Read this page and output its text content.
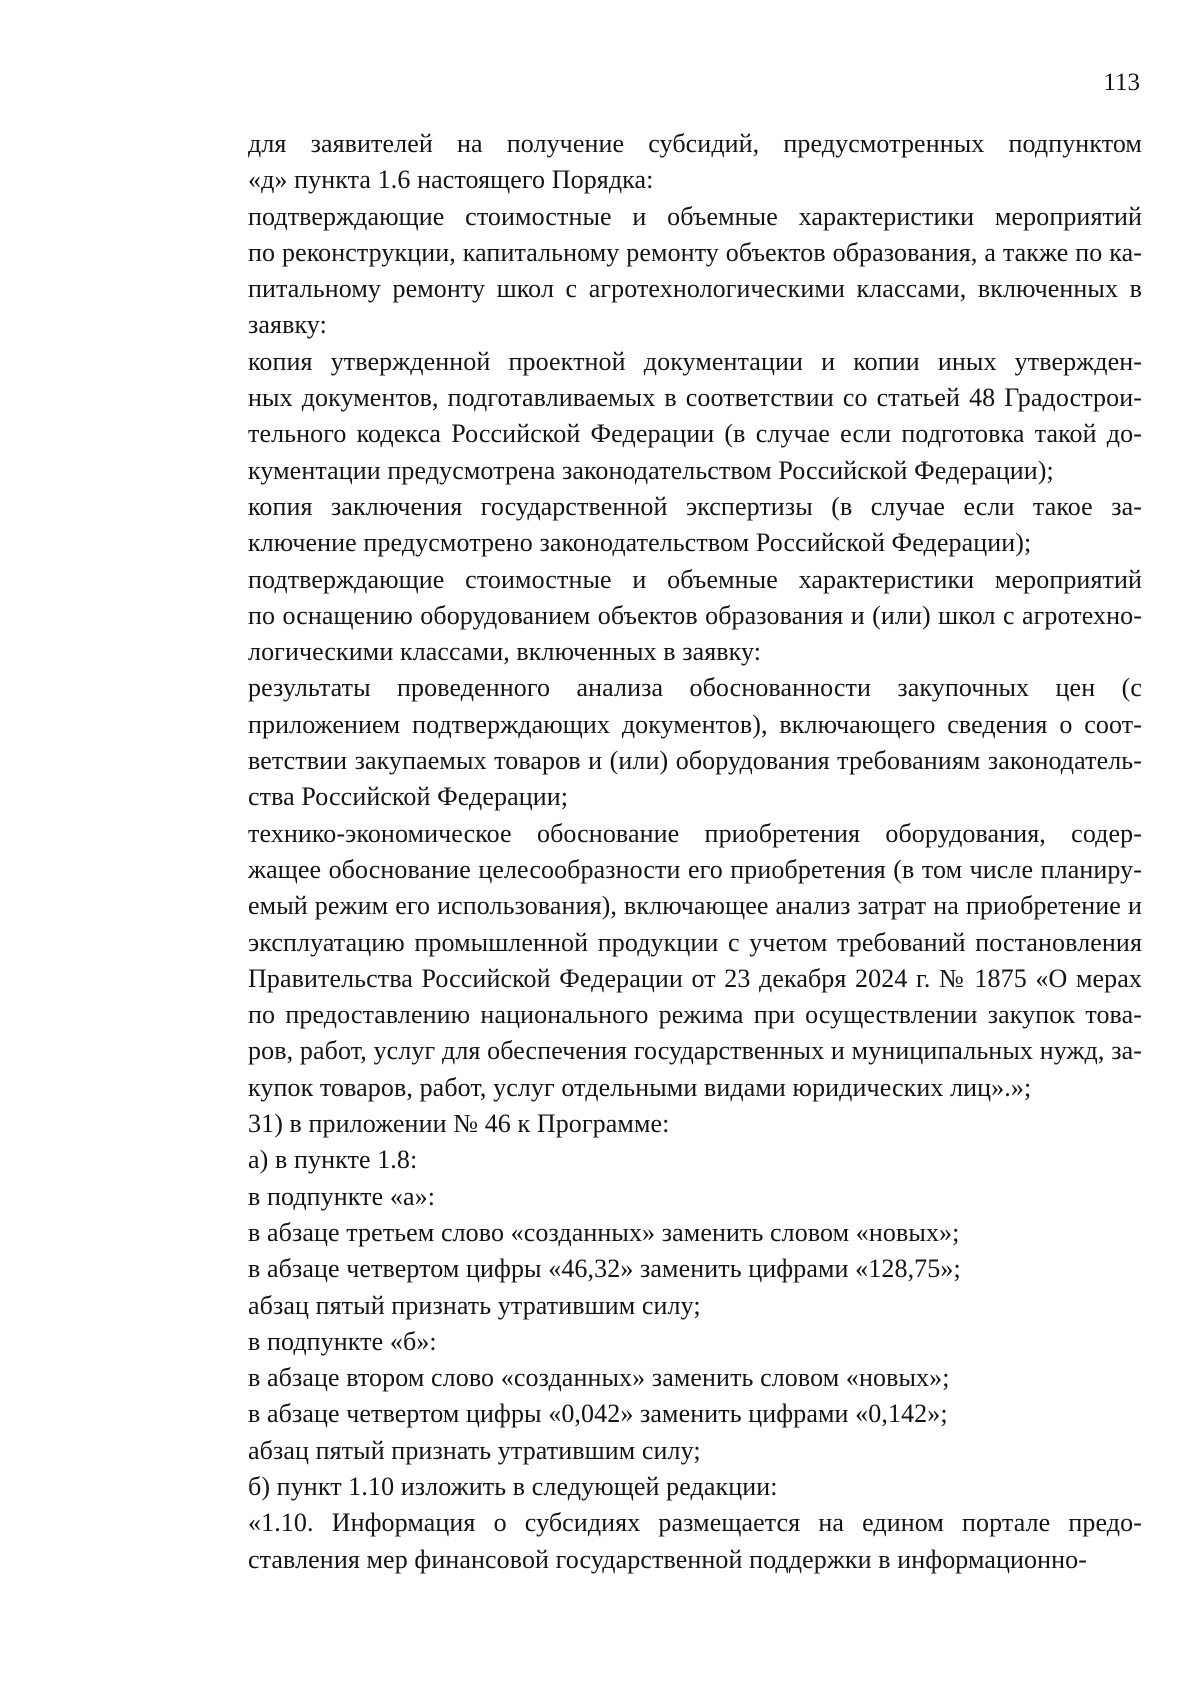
113

для заявителей на получение субсидий, предусмотренных подпунктом
«д» пункта 1.6 настоящего Порядка:

подтверждающие стоимостные и объемные характеристики мероприятий
по реконструкции, капитальному ремонту объектов образования, а также по ка-
питальному ремонту школ с агротехнологическими классами, включенных в
заявку:

копия утвержденной проектной документации и копии иных утвержден-
ных документов, подготавливаемых в соответствии со статьей 48 Градострои-
тельного кодекса Российской Федерации (в случае если подготовка такой до-
кументации предусмотрена законодательством Российской Федерации);

копия заключения государственной экспертизы (в случае если такое за-
ключение предусмотрено законодательством Российской Федерации);

подтверждающие стоимостные и объемные характеристики мероприятий
по оснащению оборудованием объектов образования и (или) школ с агротехно-
логическими классами, включенных в заявку:

результаты проведенного анализа обоснованности закупочных цен (с
приложением подтверждающих документов), включающего сведения о соот-
ветствии закупаемых товаров и (или) оборудования требованиям законодатель-
ства Российской Федерации;

технико-экономическое обоснование приобретения оборудования, содер-
жащее обоснование целесообразности его приобретения (в том числе планиру-
емый режим его использования), включающее анализ затрат на приобретение и
эксплуатацию промышленной продукции с учетом требований постановления
Правительства Российской Федерации от 23 декабря 2024 г. № 1875 «О мерах
по предоставлению национального режима при осуществлении закупок това-
ров, работ, услуг для обеспечения государственных и муниципальных нужд, за-
купок товаров, работ, услуг отдельными видами юридических лиц».»;

31) в приложении № 46 к Программе:

а) в пункте 1.8:

в подпункте «а»:

в абзаце третьем слово «созданных» заменить словом «новых»;

в абзаце четвертом цифры «46,32» заменить цифрами «128,75»;

абзац пятый признать утратившим силу;

в подпункте «б»:

в абзаце втором слово «созданных» заменить словом «новых»;

в абзаце четвертом цифры «0,042» заменить цифрами «0,142»;

абзац пятый признать утратившим силу;

б) пункт 1.10 изложить в следующей редакции:

«1.10. Информация о субсидиях размещается на едином портале предо-
ставления мер финансовой государственной поддержки в информационно-
